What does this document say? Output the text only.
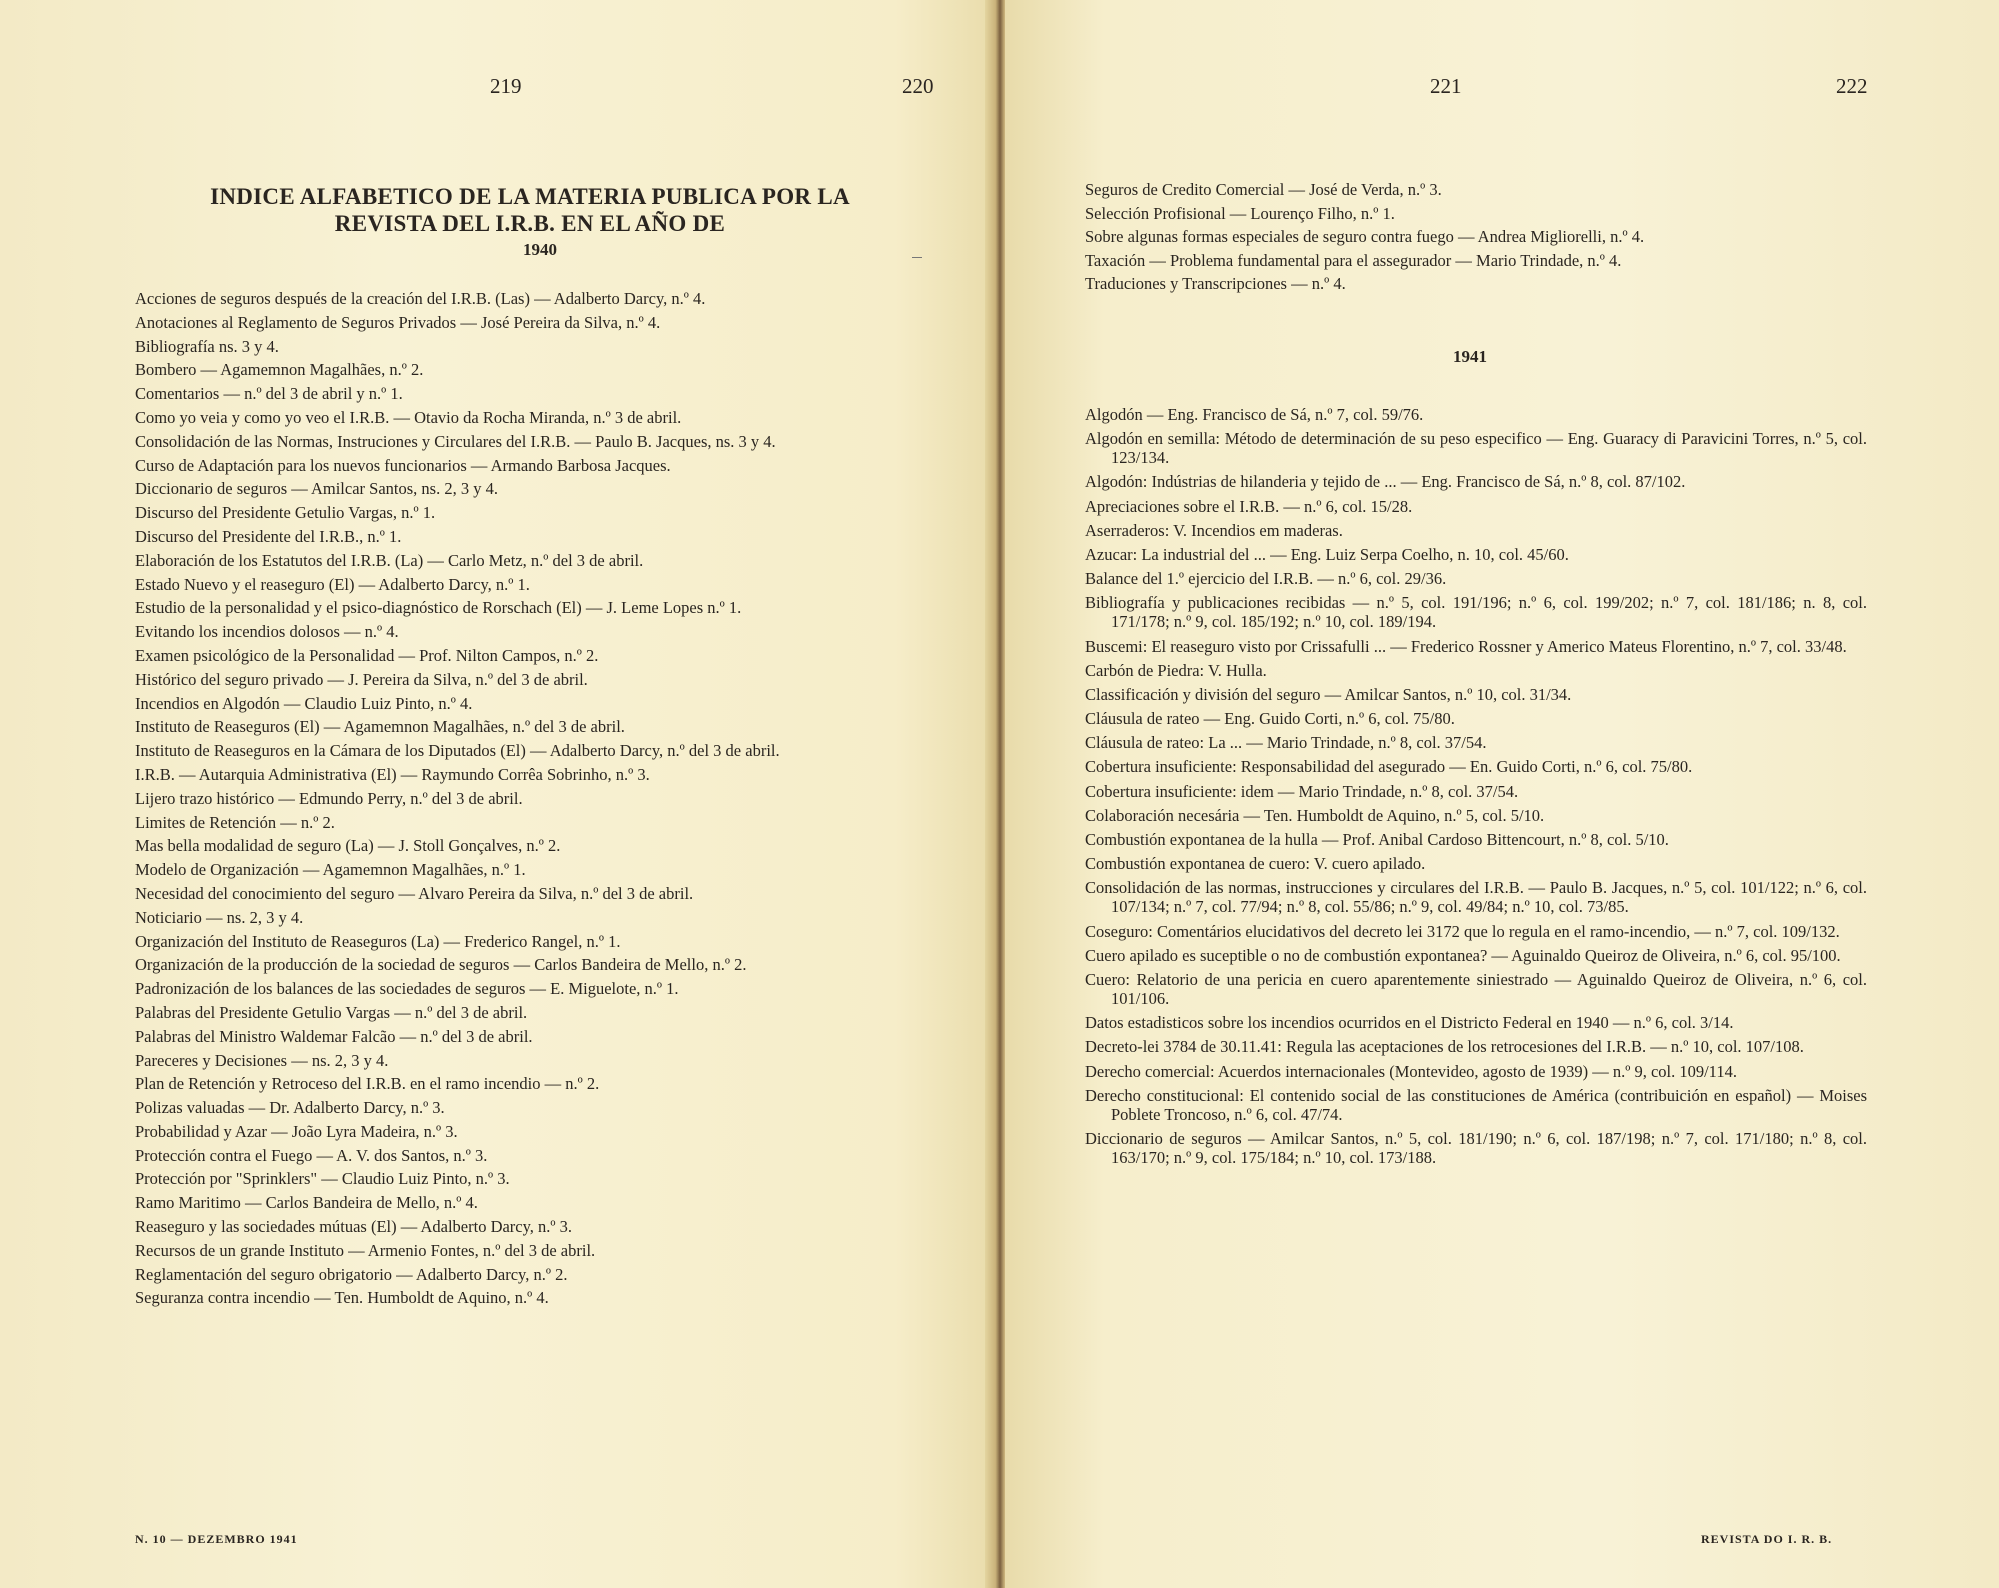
219	220
INDICE ALFABETICO DE LA MATERIA PUBLICA POR LA
REVISTA DEL I.R.B. EN EL AÑO DE
1940
Acciones de seguros después de la creación del I.R.B. (Las) — Adalberto Darcy, n.º 4.
Anotaciones al Reglamento de Seguros Privados — José Pereira da Silva, n.º 4.
Bibliografía ns. 3 y 4.
Bombero — Agamemnon Magalhães, n.º 2.
Comentarios — n.º del 3 de abril y n.º 1.
Como yo veia y como yo veo el I.R.B. — Otavio da Rocha Miranda, n.º 3 de abril.
Consolidación de las Normas, Instruciones y Circulares del I.R.B. — Paulo B. Jacques, ns. 3 y 4.
Curso de Adaptación para los nuevos funcionarios — Armando Barbosa Jacques.
Diccionario de seguros — Amilcar Santos, ns. 2, 3 y 4.
Discurso del Presidente Getulio Vargas, n.º 1.
Discurso del Presidente del I.R.B., n.º 1.
Elaboración de los Estatutos del I.R.B. (La) — Carlo Metz, n.º del 3 de abril.
Estado Nuevo y el reaseguro (El) — Adalberto Darcy, n.º 1.
Estudio de la personalidad y el psico-diagnóstico de Rorschach (El) — J. Leme Lopes n.º 1.
Evitando los incendios dolosos — n.º 4.
Examen psicológico de la Personalidad — Prof. Nilton Campos, n.º 2.
Histórico del seguro privado — J. Pereira da Silva, n.º del 3 de abril.
Incendios en Algodón — Claudio Luiz Pinto, n.º 4.
Instituto de Reaseguros (El) — Agamemnon Magalhães, n.º del 3 de abril.
Instituto de Reaseguros en la Cámara de los Diputados (El) — Adalberto Darcy, n.º del 3 de abril.
I.R.B. — Autarquia Administrativa (El) — Raymundo Corrêa Sobrinho, n.º 3.
Lijero trazo histórico — Edmundo Perry, n.º del 3 de abril.
Limites de Retención — n.º 2.
Mas bella modalidad de seguro (La) — J. Stoll Gonçalves, n.º 2.
Modelo de Organización — Agamemnon Magalhães, n.º 1.
Necesidad del conocimiento del seguro — Alvaro Pereira da Silva, n.º del 3 de abril.
Noticiario — ns. 2, 3 y 4.
Organización del Instituto de Reaseguros (La) — Frederico Rangel, n.º 1.
Organización de la producción de la sociedad de seguros — Carlos Bandeira de Mello, n.º 2.
Padronización de los balances de las sociedades de seguros — E. Miguelote, n.º 1.
Palabras del Presidente Getulio Vargas — n.º del 3 de abril.
Palabras del Ministro Waldemar Falcão — n.º del 3 de abril.
Pareceres y Decisiones — ns. 2, 3 y 4.
Plan de Retención y Retroceso del I.R.B. en el ramo incendio — n.º 2.
Polizas valuadas — Dr. Adalberto Darcy, n.º 3.
Probabilidad y Azar — João Lyra Madeira, n.º 3.
Protección contra el Fuego — A. V. dos Santos, n.º 3.
Protección por "Sprinklers" — Claudio Luiz Pinto, n.º 3.
Ramo Maritimo — Carlos Bandeira de Mello, n.º 4.
Reaseguro y las sociedades mútuas (El) — Adalberto Darcy, n.º 3.
Recursos de un grande Instituto — Armenio Fontes, n.º del 3 de abril.
Reglamentación del seguro obrigatorio — Adalberto Darcy, n.º 2.
Seguranza contra incendio — Ten. Humboldt de Aquino, n.º 4.
N. 10 — DEZEMBRO 1941
221	222
Seguros de Credito Comercial — José de Verda, n.º 3.
Selección Profisional — Lourenço Filho, n.º 1.
Sobre algunas formas especiales de seguro contra fuego — Andrea Migliorelli, n.º 4.
Taxación — Problema fundamental para el assegurador — Mario Trindade, n.º 4.
Traduciones y Transcripciones — n.º 4.
1941
Algodón — Eng. Francisco de Sá, n.º 7, col. 59/76.
Algodón en semilla: Método de determinación de su peso especifico — Eng. Guaracy di Paravicini Torres, n.º 5, col. 123/134.
Algodón: Indústrias de hilanderia y tejido de ... — Eng. Francisco de Sá, n.º 8, col. 87/102.
Apreciaciones sobre el I.R.B. — n.º 6, col. 15/28.
Aserraderos: V. Incendios em maderas.
Azucar: La industrial del ... — Eng. Luiz Serpa Coelho, n. 10, col. 45/60.
Balance del 1.º ejercicio del I.R.B. — n.º 6, col. 29/36.
Bibliografía y publicaciones recibidas — n.º 5, col. 191/196; n.º 6, col. 199/202; n.º 7, col. 181/186; n. 8, col. 171/178; n.º 9, col. 185/192; n.º 10, col. 189/194.
Buscemi: El reaseguro visto por Crissafulli ... — Frederico Rossner y Americo Mateus Florentino, n.º 7, col. 33/48.
Carbón de Piedra: V. Hulla.
Classificación y división del seguro — Amilcar Santos, n.º 10, col. 31/34.
Cláusula de rateo — Eng. Guido Corti, n.º 6, col. 75/80.
Cláusula de rateo: La ... — Mario Trindade, n.º 8, col. 37/54.
Cobertura insuficiente: Responsabilidad del asegurado — En. Guido Corti, n.º 6, col. 75/80.
Cobertura insuficiente: idem — Mario Trindade, n.º 8, col. 37/54.
Colaboración necesária — Ten. Humboldt de Aquino, n.º 5, col. 5/10.
Combustión expontanea de la hulla — Prof. Anibal Cardoso Bittencourt, n.º 8, col. 5/10.
Combustión expontanea de cuero: V. cuero apilado.
Consolidación de las normas, instrucciones y circulares del I.R.B. — Paulo B. Jacques, n.º 5, col. 101/122; n.º 6, col. 107/134; n.º 7, col. 77/94; n.º 8, col. 55/86; n.º 9, col. 49/84; n.º 10, col. 73/85.
Coseguro: Comentários elucidativos del decreto lei 3172 que lo regula en el ramo-incendio, — n.º 7, col. 109/132.
Cuero apilado es suceptible o no de combustión expontanea? — Aguinaldo Queiroz de Oliveira, n.º 6, col. 95/100.
Cuero: Relatorio de una pericia en cuero aparentemente siniestrado — Aguinaldo Queiroz de Oliveira, n.º 6, col. 101/106.
Datos estadisticos sobre los incendios ocurridos en el Districto Federal en 1940 — n.º 6, col. 3/14.
Decreto-lei 3784 de 30.11.41: Regula las aceptaciones de los retrocesiones del I.R.B. — n.º 10, col. 107/108.
Derecho comercial: Acuerdos internacionales (Montevideo, agosto de 1939) — n.º 9, col. 109/114.
Derecho constitucional: El contenido social de las constituciones de América (contribuición en español) — Moises Poblete Troncoso, n.º 6, col. 47/74.
Diccionario de seguros — Amilcar Santos, n.º 5, col. 181/190; n.º 6, col. 187/198; n.º 7, col. 171/180; n.º 8, col. 163/170; n.º 9, col. 175/184; n.º 10, col. 173/188.
REVISTA DO I. R. B.
